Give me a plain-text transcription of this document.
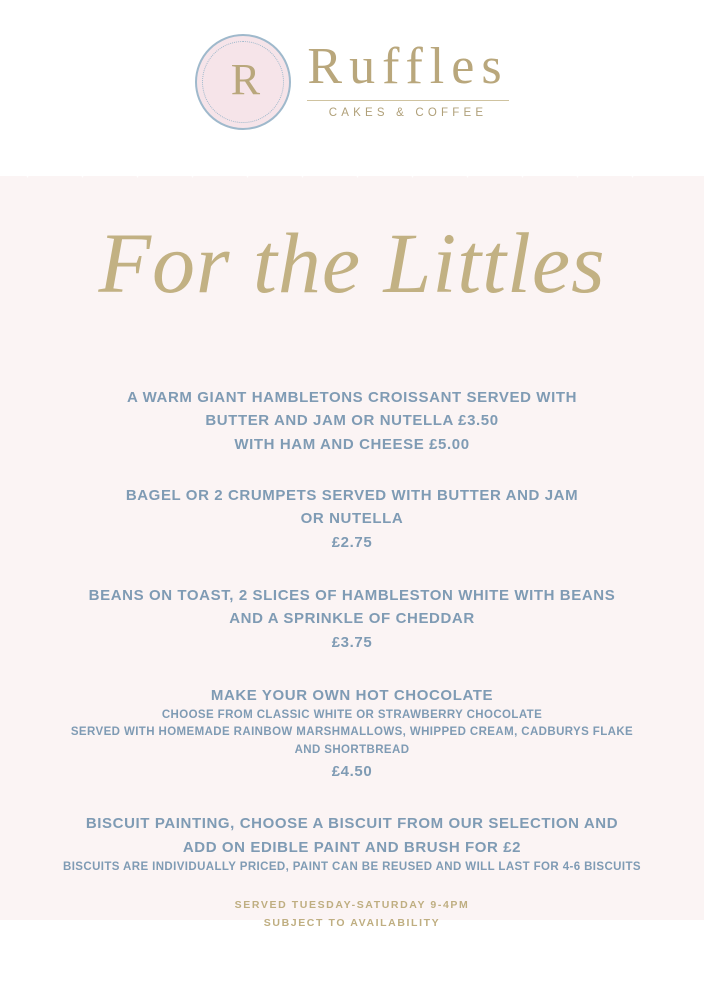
R Ruffles
CAKES & COFFEE
For the Littles
A WARM GIANT HAMBLETONS CROISSANT SERVED WITH
BUTTER AND JAM OR NUTELLA £3.50
WITH HAM AND CHEESE £5.00
BAGEL OR 2 CRUMPETS SERVED WITH BUTTER AND JAM
OR NUTELLA
£2.75
BEANS ON TOAST, 2 SLICES OF HAMBLESTON WHITE WITH BEANS
AND A SPRINKLE OF CHEDDAR
£3.75
MAKE YOUR OWN HOT CHOCOLATE
CHOOSE FROM CLASSIC WHITE OR STRAWBERRY CHOCOLATE
SERVED WITH HOMEMADE RAINBOW MARSHMALLOWS, WHIPPED CREAM, CADBURYS FLAKE
AND SHORTBREAD
£4.50
BISCUIT PAINTING, CHOOSE A BISCUIT FROM OUR SELECTION AND
ADD ON EDIBLE PAINT AND BRUSH FOR £2
BISCUITS ARE INDIVIDUALLY PRICED, PAINT CAN BE REUSED AND WILL LAST FOR 4-6 BISCUITS
SERVED TUESDAY-SATURDAY 9-4PM
SUBJECT TO AVAILABILITY
